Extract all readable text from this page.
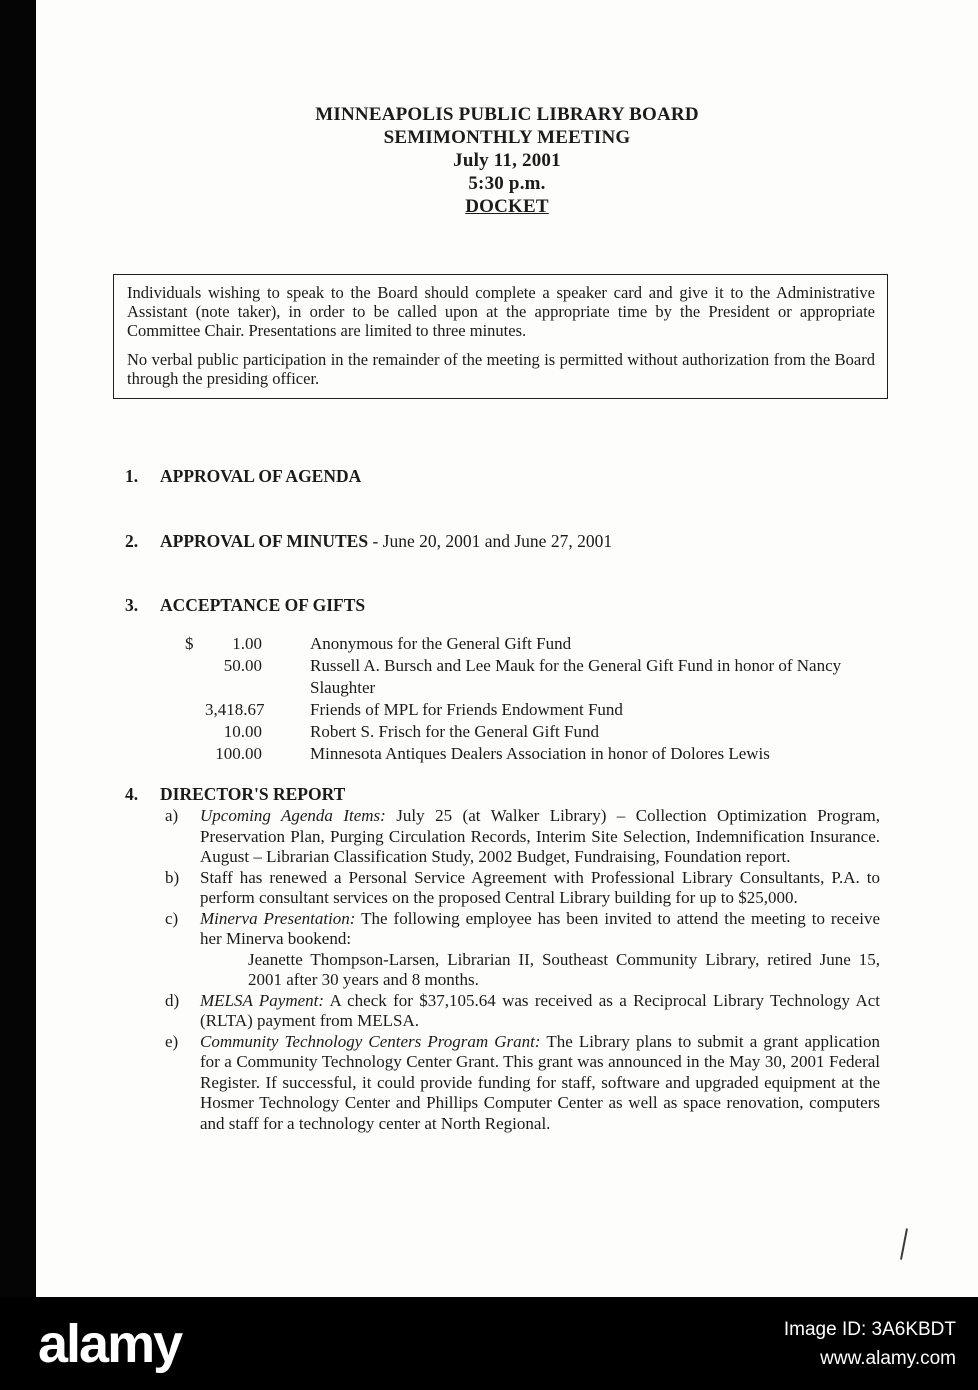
MINNEAPOLIS PUBLIC LIBRARY BOARD
SEMIMONTHLY MEETING
July 11, 2001
5:30 p.m.
DOCKET
Individuals wishing to speak to the Board should complete a speaker card and give it to the Administrative Assistant (note taker), in order to be called upon at the appropriate time by the President or appropriate Committee Chair. Presentations are limited to three minutes.
No verbal public participation in the remainder of the meeting is permitted without authorization from the Board through the presiding officer.
1.	APPROVAL OF AGENDA
2.	APPROVAL OF MINUTES - June 20, 2001 and June 27, 2001
3.	ACCEPTANCE OF GIFTS
$	1.00	Anonymous for the General Gift Fund
50.00	Russell A. Bursch and Lee Mauk for the General Gift Fund in honor of Nancy Slaughter
3,418.67	Friends of MPL for Friends Endowment Fund
10.00	Robert S. Frisch for the General Gift Fund
100.00	Minnesota Antiques Dealers Association in honor of Dolores Lewis
4.	DIRECTOR'S REPORT
a)	Upcoming Agenda Items: July 25 (at Walker Library) – Collection Optimization Program, Preservation Plan, Purging Circulation Records, Interim Site Selection, Indemnification Insurance. August – Librarian Classification Study, 2002 Budget, Fundraising, Foundation report.
b)	Staff has renewed a Personal Service Agreement with Professional Library Consultants, P.A. to perform consultant services on the proposed Central Library building for up to $25,000.
c)	Minerva Presentation: The following employee has been invited to attend the meeting to receive her Minerva bookend:
Jeanette Thompson-Larsen, Librarian II, Southeast Community Library, retired June 15, 2001 after 30 years and 8 months.
d)	MELSA Payment: A check for $37,105.64 was received as a Reciprocal Library Technology Act (RLTA) payment from MELSA.
e)	Community Technology Centers Program Grant: The Library plans to submit a grant application for a Community Technology Center Grant. This grant was announced in the May 30, 2001 Federal Register. If successful, it could provide funding for staff, software and upgraded equipment at the Hosmer Technology Center and Phillips Computer Center as well as space renovation, computers and staff for a technology center at North Regional.
alamy	Image ID: 3A6KBDT
www.alamy.com
